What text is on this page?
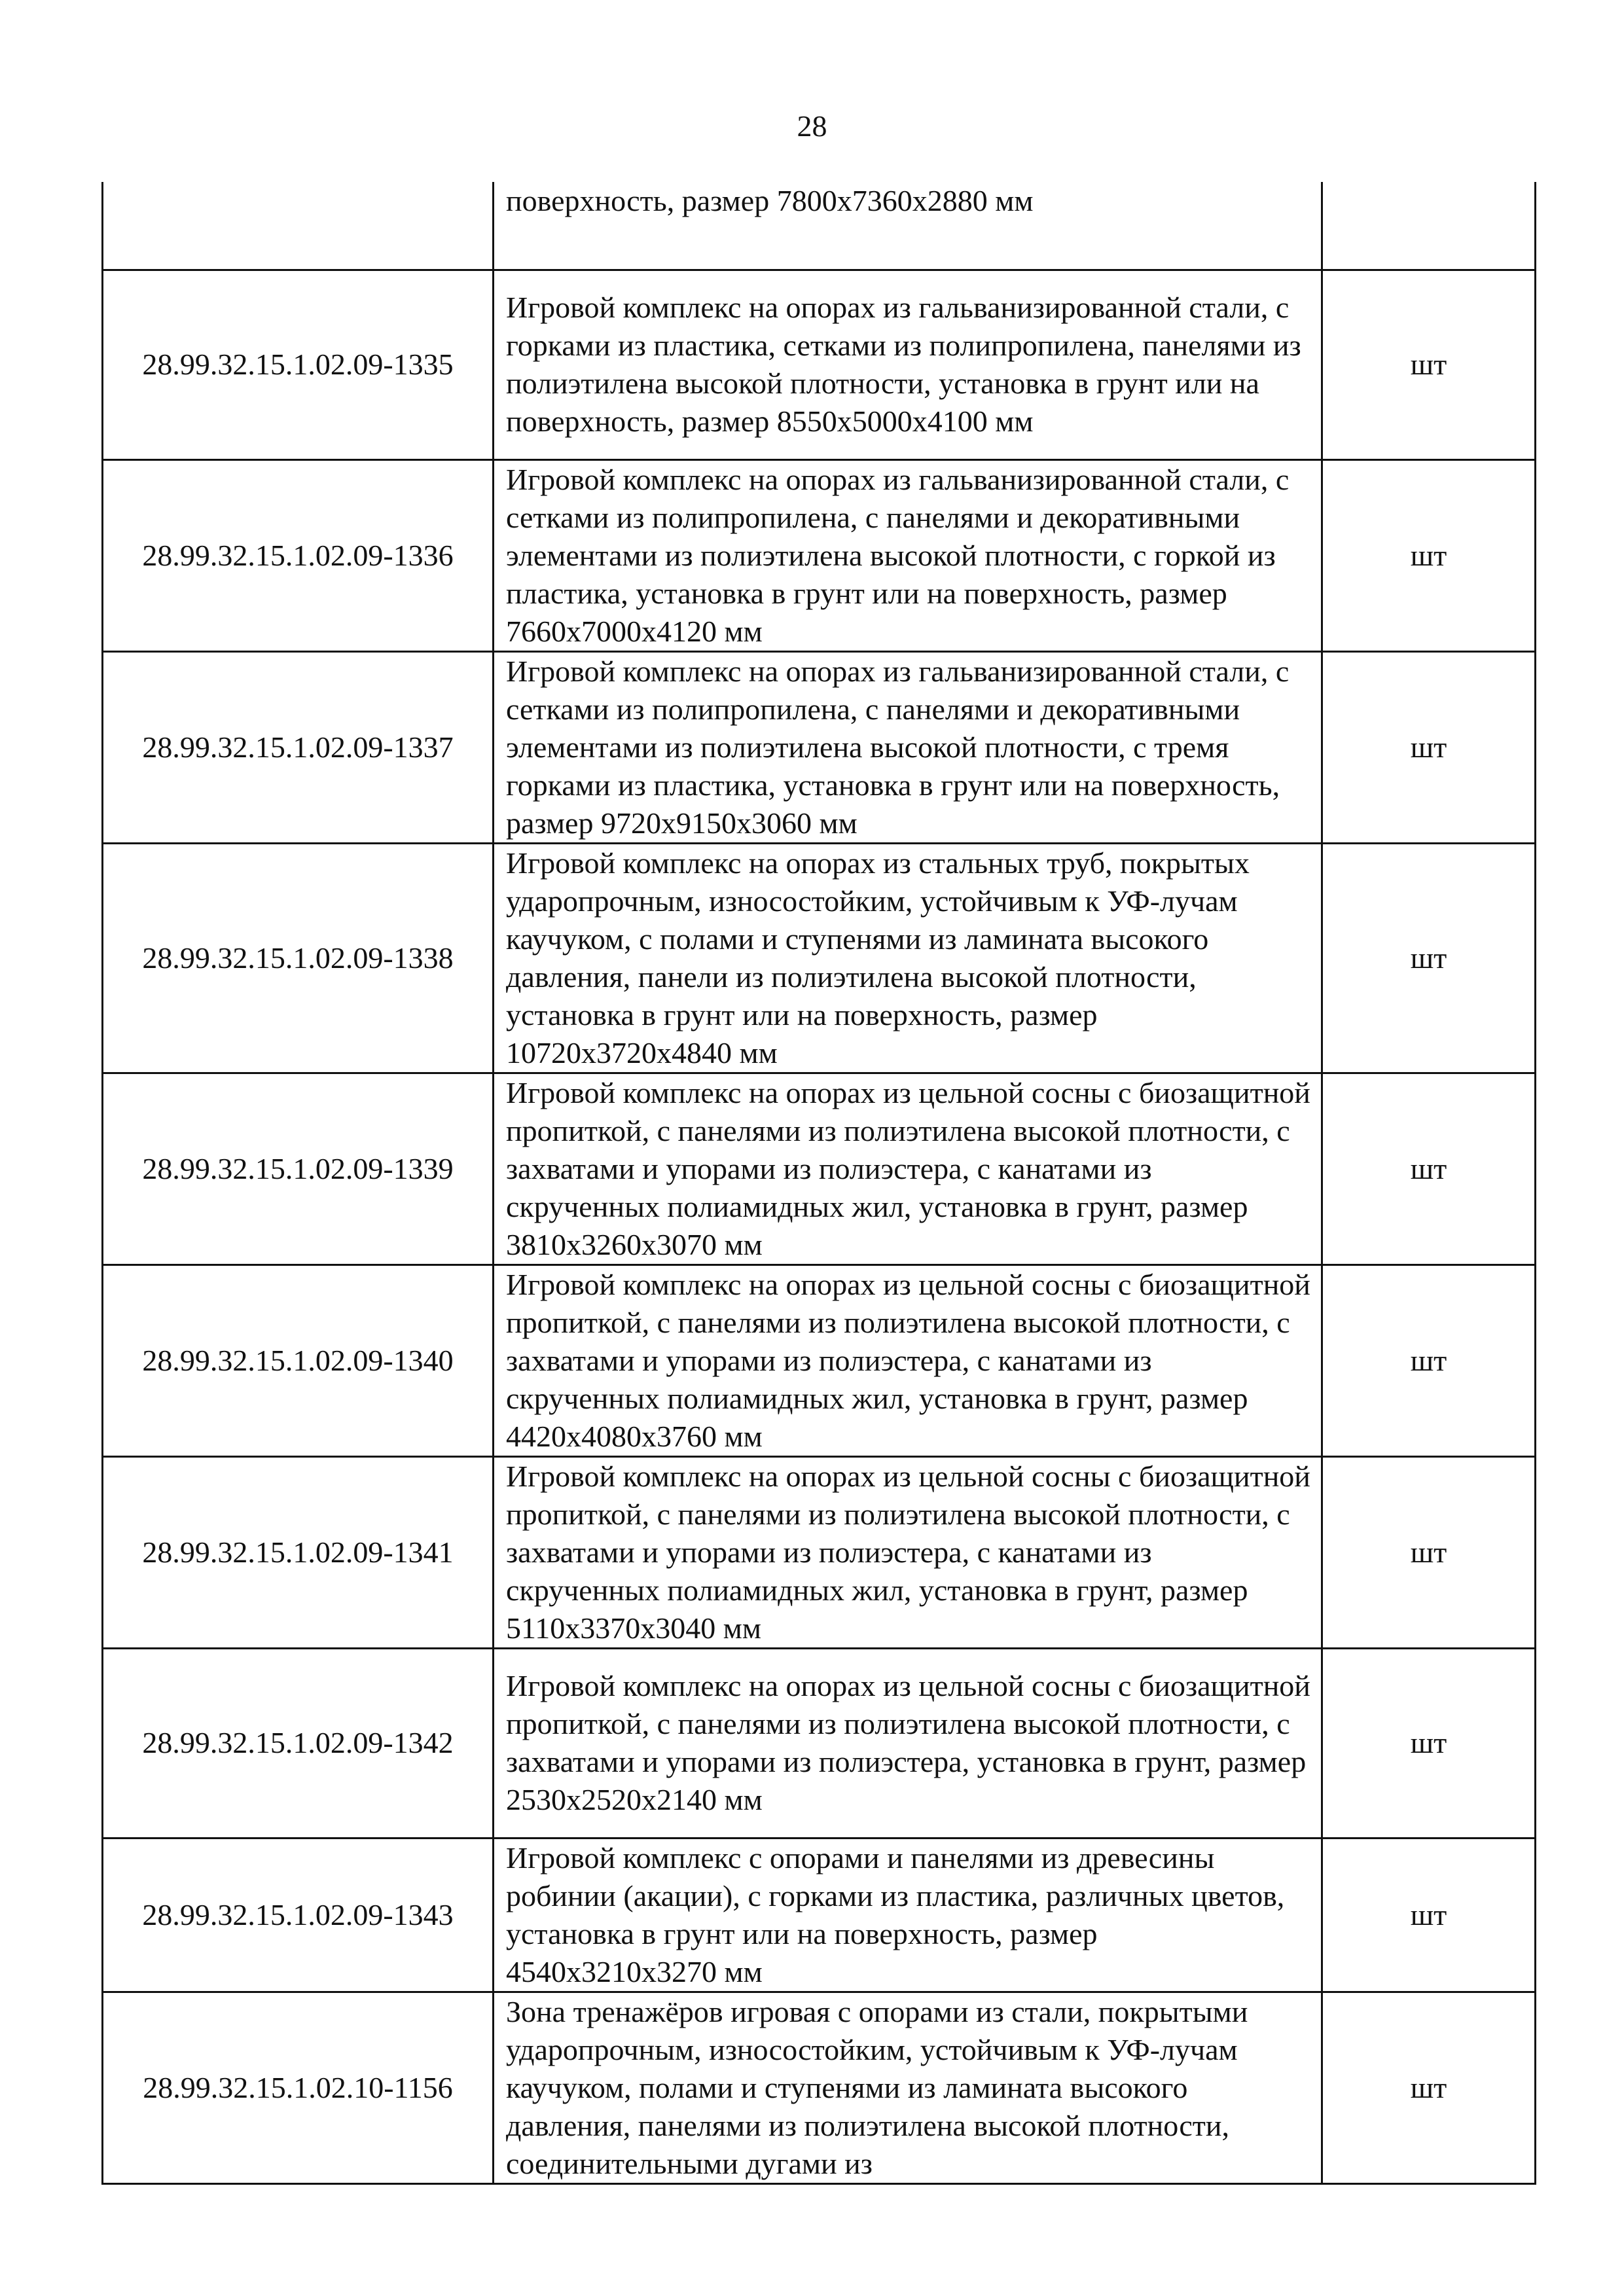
28

	поверхность, размер 7800х7360х2880 мм	

28.99.32.15.1.02.09-1335	Игровой комплекс на опорах из гальванизированной стали, с горками из пластика, сетками из полипропилена, панелями из полиэтилена высокой плотности, установка в грунт или на поверхность, размер 8550х5000х4100 мм	шт
28.99.32.15.1.02.09-1336	Игровой комплекс на опорах из гальванизированной стали, с сетками из полипропилена, с панелями и декоративными элементами из полиэтилена высокой плотности, с горкой из пластика, установка в грунт или на поверхность, размер 7660х7000х4120 мм	шт
28.99.32.15.1.02.09-1337	Игровой комплекс на опорах из гальванизированной стали, с сетками из полипропилена, с панелями и декоративными элементами из полиэтилена высокой плотности, с тремя горками из пластика, установка в грунт или на поверхность, размер 9720х9150х3060 мм	шт
28.99.32.15.1.02.09-1338	Игровой комплекс на опорах из стальных труб, покрытых ударопрочным, износостойким, устойчивым к УФ-лучам каучуком, с полами и ступенями из ламината высокого давления, панели из полиэтилена высокой плотности, установка в грунт или на поверхность, размер 10720х3720х4840 мм	шт
28.99.32.15.1.02.09-1339	Игровой комплекс на опорах из цельной сосны с биозащитной пропиткой, с панелями из полиэтилена высокой плотности, с захватами и упорами из полиэстера, с канатами из скрученных полиамидных жил, установка в грунт, размер 3810х3260х3070 мм	шт
28.99.32.15.1.02.09-1340	Игровой комплекс на опорах из цельной сосны с биозащитной пропиткой, с панелями из полиэтилена высокой плотности, с захватами и упорами из полиэстера, с канатами из скрученных полиамидных жил, установка в грунт, размер 4420х4080х3760 мм	шт
28.99.32.15.1.02.09-1341	Игровой комплекс на опорах из цельной сосны с биозащитной пропиткой, с панелями из полиэтилена высокой плотности, с захватами и упорами из полиэстера, с канатами из скрученных полиамидных жил, установка в грунт, размер 5110х3370х3040 мм	шт
28.99.32.15.1.02.09-1342	Игровой комплекс на опорах из цельной сосны с биозащитной пропиткой, с панелями из полиэтилена высокой плотности, с захватами и упорами из полиэстера, установка в грунт, размер 2530х2520х2140 мм	шт
28.99.32.15.1.02.09-1343	Игровой комплекс с опорами и панелями из древесины робинии (акации), с горками из пластика, различных цветов, установка в грунт или на поверхность, размер 4540х3210х3270 мм	шт
28.99.32.15.1.02.10-1156	Зона тренажёров игровая с опорами из стали, покрытыми ударопрочным, износостойким, устойчивым к УФ-лучам каучуком, полами и ступенями из ламината высокого давления, панелями из полиэтилена высокой плотности, соединительными дугами из	шт
